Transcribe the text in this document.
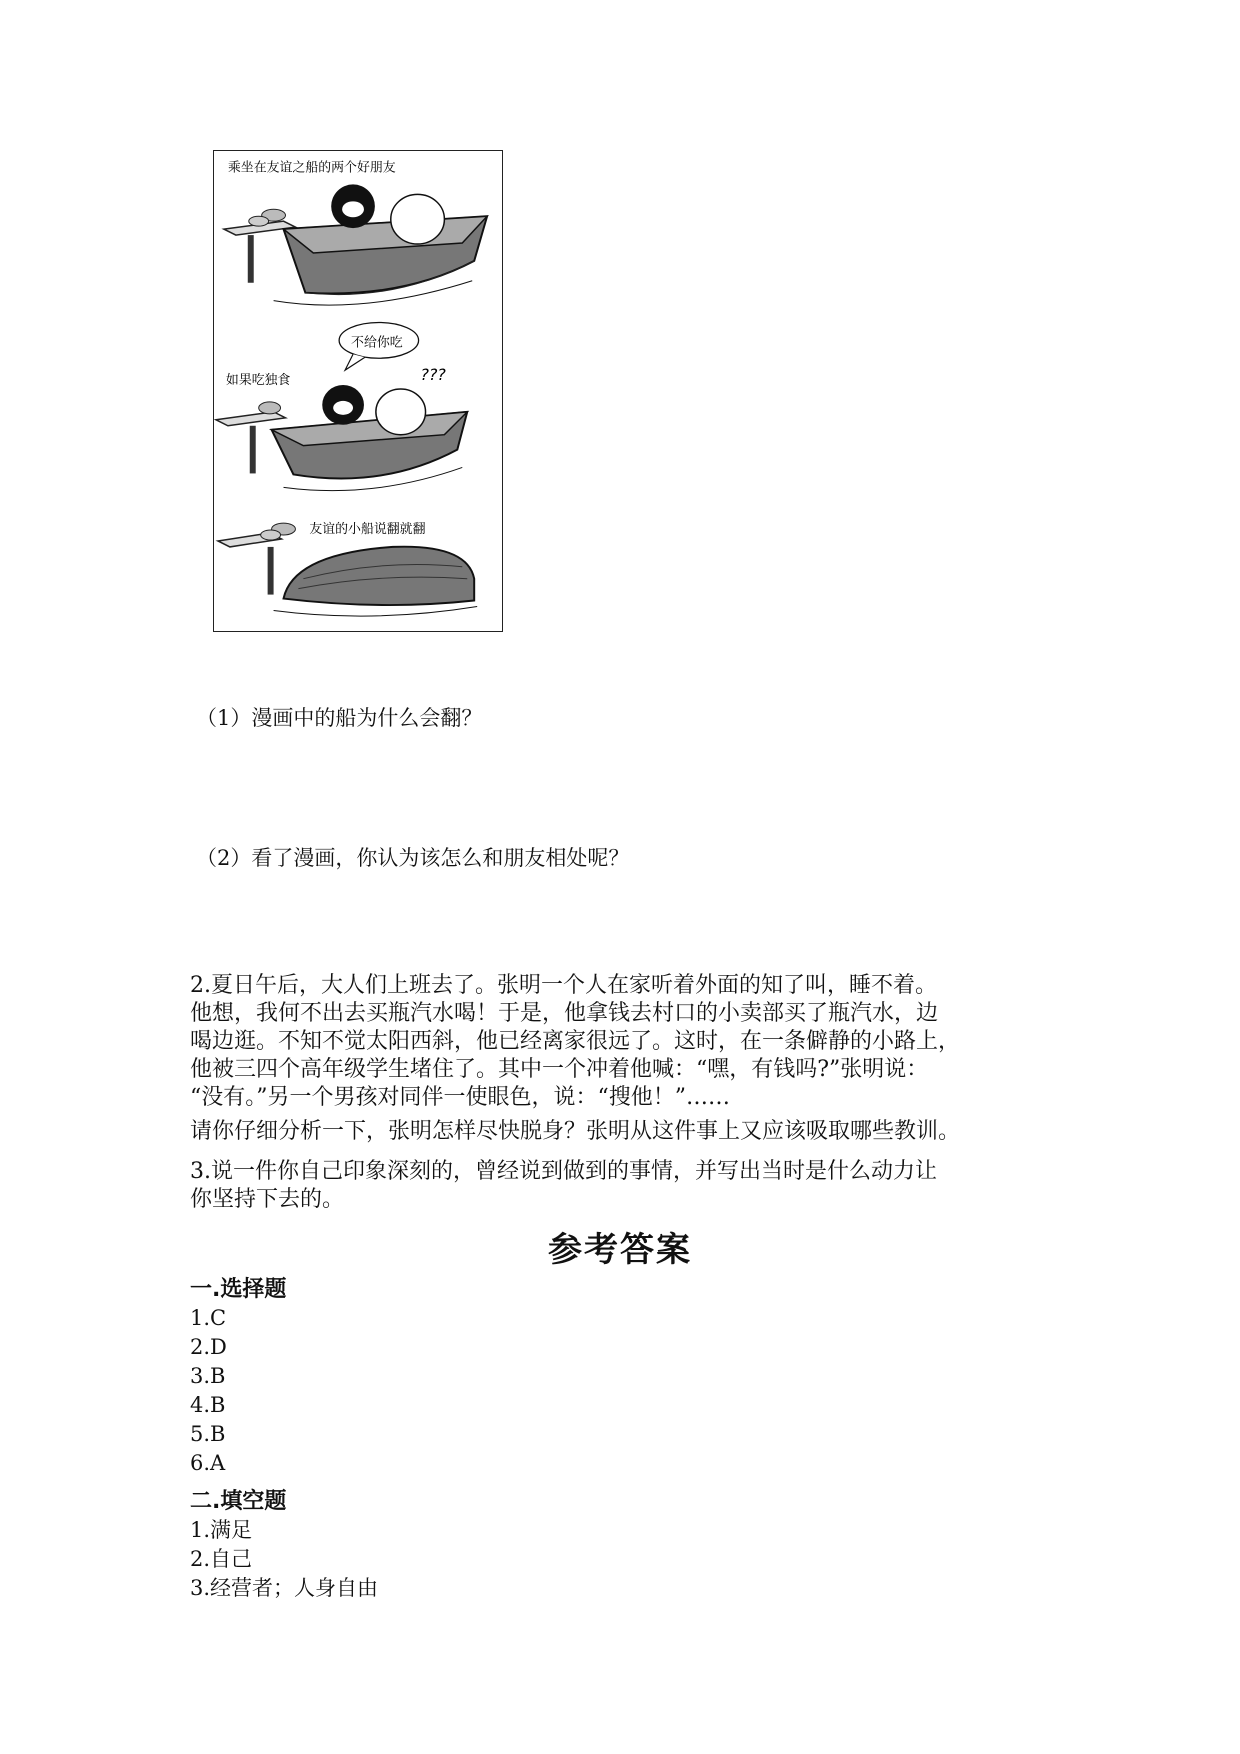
乘坐在友谊之船的两个好朋友
不给你吃
???
如果吃独食
友谊的小船说翻就翻
（1）漫画中的船为什么会翻？
（2）看了漫画，你认为该怎么和朋友相处呢？
2.夏日午后，大人们上班去了。张明一个人在家听着外面的知了叫，睡不着。
他想，我何不出去买瓶汽水喝！于是，他拿钱去村口的小卖部买了瓶汽水，边
喝边逛。不知不觉太阳西斜，他已经离家很远了。这时，在一条僻静的小路上，
他被三四个高年级学生堵住了。其中一个冲着他喊：“嘿，有钱吗?”张明说：
“没有。”另一个男孩对同伴一使眼色，说：“搜他！”……
请你仔细分析一下，张明怎样尽快脱身？张明从这件事上又应该吸取哪些教训。
3.说一件你自己印象深刻的，曾经说到做到的事情，并写出当时是什么动力让
你坚持下去的。
参考答案
一.选择题
1.C
2.D
3.B
4.B
5.B
6.A
二.填空题
1.满足
2.自己
3.经营者；人身自由
